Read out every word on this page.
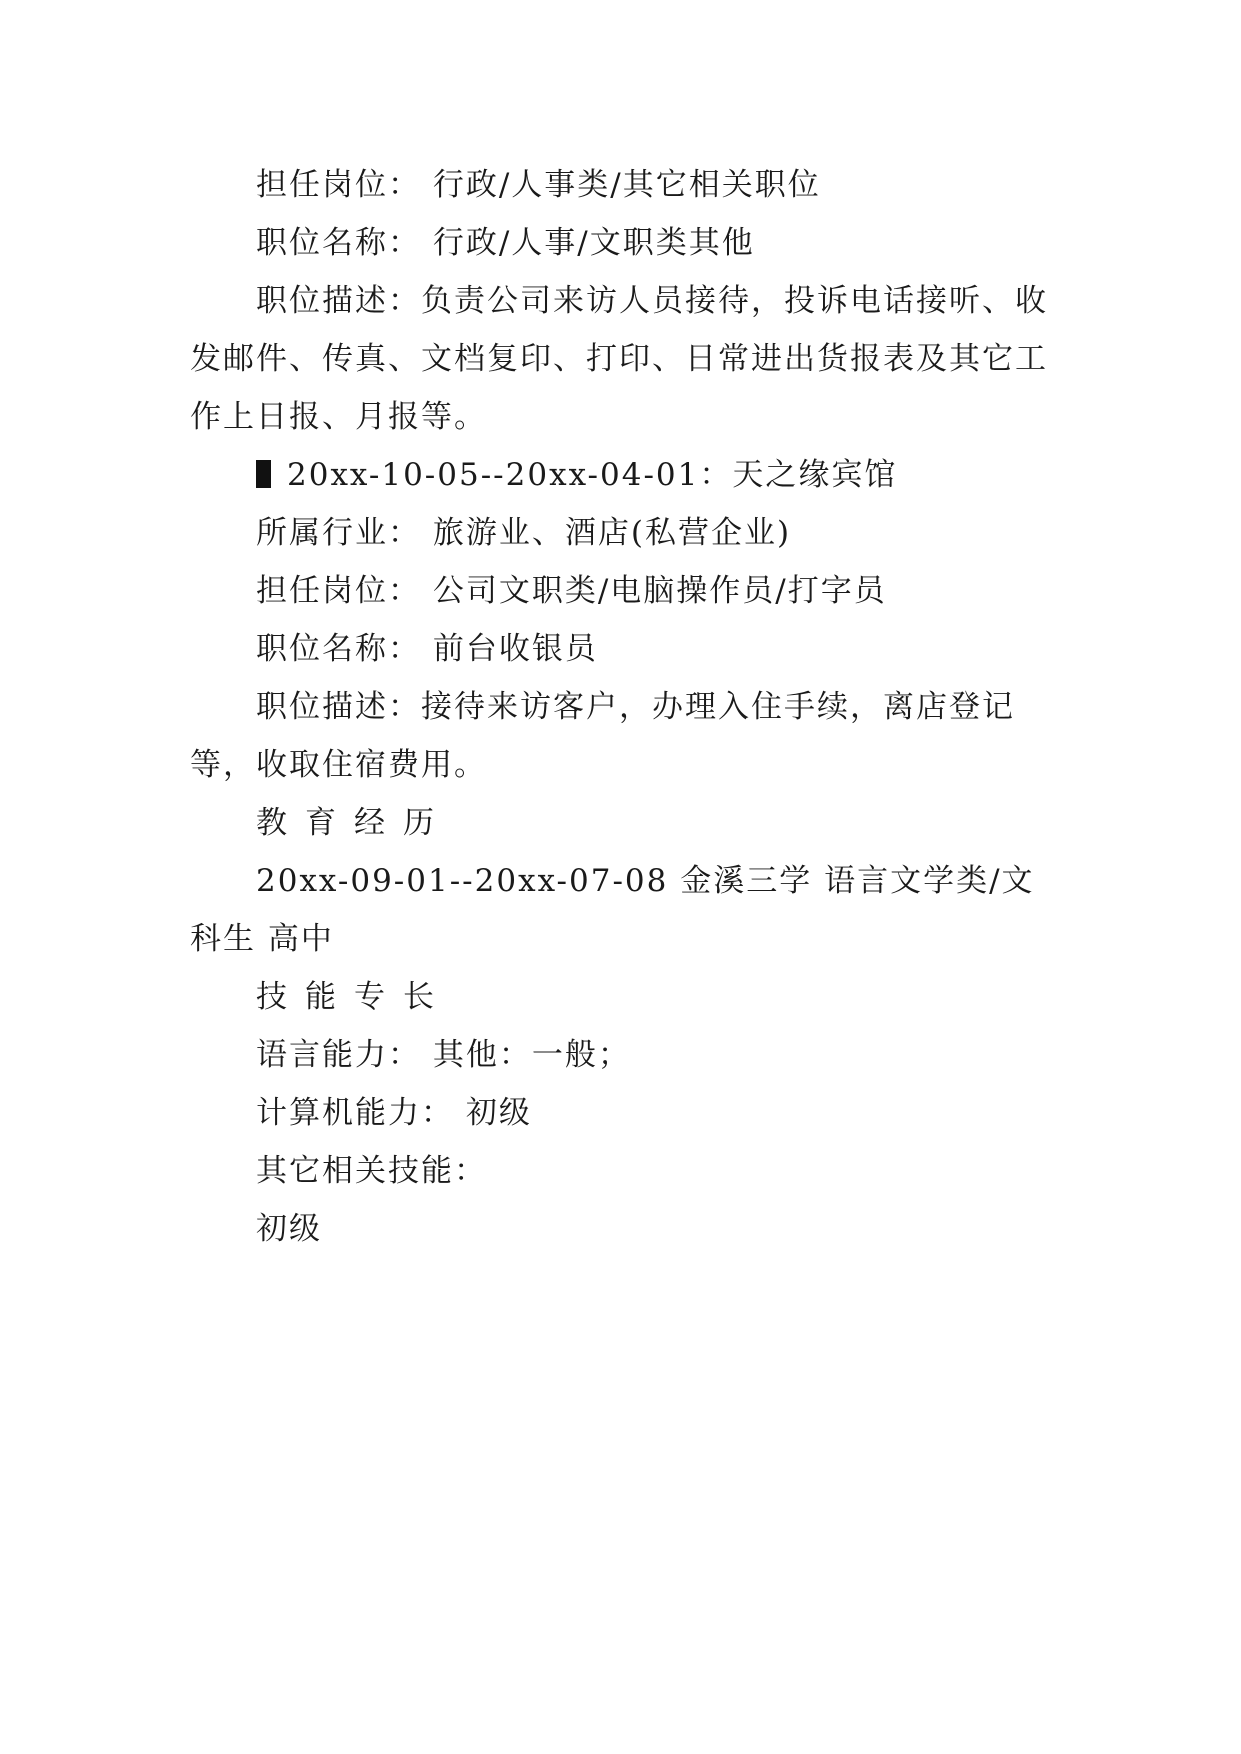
担任岗位： 行政/人事类/其它相关职位

职位名称： 行政/人事/文职类其他

职位描述：负责公司来访人员接待，投诉电话接听、收发邮件、传真、文档复印、打印、日常进出货报表及其它工作上日报、月报等。

20xx-10-05--20xx-04-01：天之缘宾馆

所属行业： 旅游业、酒店(私营企业)

担任岗位： 公司文职类/电脑操作员/打字员

职位名称： 前台收银员

职位描述：接待来访客户，办理入住手续，离店登记等，收取住宿费用。

教育经历

20xx-09-01--20xx-07-08 金溪三学 语言文学类/文科生 高中

技能专长

语言能力： 其他：一般；

计算机能力： 初级

其它相关技能：

初级
